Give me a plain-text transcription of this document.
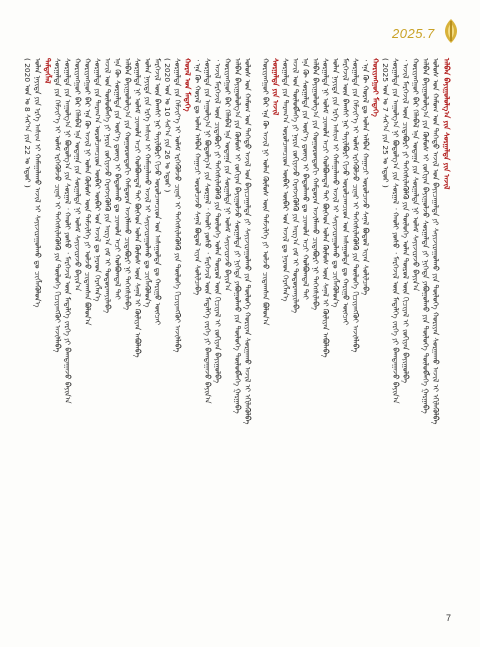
2025.7
ᠠᠯᠪᠠᠨ ᠪᠠᠶᠢᠭᠤᠯᠤᠯᠭ᠎ᠠ ᠶᠢᠨ ᠰᠤᠷᠭᠠᠯᠲᠠ ᠶᠢᠨ ᠠᠵᠢᠯ
ᠤᠯᠤᠰ ᠤᠨ ᠬᠠᠮᠤᠭ ᠤᠨ ᠳᠡᠭᠡᠳᠦ ᠠᠵᠢᠯ ᠤᠨ ᠪᠠᠶᠢᠴᠠᠭᠠᠯᠲᠠ ᠶᠢ ᠰᠠᠶᠢᠵᠢᠷᠠᠭᠤᠯᠬᠤ ᠶᠢᠨ ᠲᠥᠯᠥᠭᠡ ᠬᠣᠷᠢᠶᠠᠨ ᠰᠤᠷᠭᠠᠬᠤ ᠠᠵᠢᠯ ᠢ ᠡᠬᠢᠯᠡᠭᠦᠯᠪᠡ
ᠠᠯᠪᠠᠨ ᠪᠠᠶᠢᠭᠤᠯᠤᠯᠭ᠎ᠠ ᠶᠢᠨ ᠬᠦᠮᠦᠰ ᠢ ᠵᠣᠬᠢᠶᠠᠨ ᠪᠠᠶᠢᠭᠤᠯᠵᠤ ᠰᠤᠷᠭᠠᠯᠲᠠ ᠶᠢ ᠨᠢᠭᠡᠲᠡ ᠶᠠᠪᠤᠭᠤᠯᠬᠤ ᠶᠢᠨ ᠲᠥᠯᠥᠭᠡ ᠲᠥᠯᠥᠪᠯᠡᠭᠡ ᠭᠠᠷᠭᠠᠪᠠ
ᠬᠤᠷᠢᠶᠠᠩᠭᠤᠢ ᠪᠠᠷ ᠬᠡᠯᠡᠪᠡᠯ ᠡᠨᠡ ᠤᠳᠠᠭᠠ ᠶᠢᠨ ᠰᠤᠷᠭᠠᠯᠲᠠ ᠨᠢ ᠤᠯᠠᠮ ᠰᠠᠶᠢᠵᠢᠷᠠᠵᠤ ᠪᠠᠶᠢᠨ᠎ᠠ
᠂ ᠠᠵᠢᠯ ᠮᠡᠷᠭᠡᠵᠢᠯ ᠦᠨ ᠴᠢᠳᠠᠪᠤᠷᠢ ᠶᠢ ᠳᠡᠭᠡᠭᠰᠢᠯᠡᠭᠦᠯᠬᠦ ᠶᠢᠨ ᠲᠥᠯᠥᠭᠡ ᠣᠯᠠᠨ ᠲᠥᠷᠥᠯ ᠦᠨ ᠬᠢᠴᠢᠶᠡᠯ ᠢ ᠵᠣᠬᠢᠶᠠᠨ ᠪᠠᠶᠢᠭᠤᠯᠪᠠ
ᠰᠤᠷᠭᠠᠯᠲᠠ ᠶᠢᠨ ᠠᠭᠤᠯᠭ᠎ᠠ ᠨᠢ ᠪᠤᠳᠤᠯᠭ᠎ᠠ ᠶᠢᠨ ᠰᠤᠷᠭᠠᠯ ᠂ ᠬᠠᠤᠯᠢ ᠶᠣᠰᠤ ᠂ ᠮᠡᠷᠭᠡᠵᠢᠯ ᠦᠨ ᠮᠡᠳᠡᠯᠭᠡ ᠵᠡᠷᠭᠡ ᠶᠢ ᠪᠠᠭᠲᠠᠭᠠᠵᠤ ᠪᠠᠶᠢᠨ᠎ᠠ
( 2025 ᠣᠨ ᠤ 7 ᠰᠠᠷ᠎ᠠ ᠶᠢᠨ 25 ᠤ ᠡᠳᠦᠷ )
ᠬᠤᠷᠢᠶᠠᠩᠭᠤᠢ ᠮᠡᠳᠡᠭᠡ
᠂ ᠡᠨᠡ ᠬᠦ ᠬᠤᠷᠠᠯ ᠳᠤ ᠣᠯᠠᠨ ᠠᠯᠪᠠᠨ ᠬᠠᠭᠠᠴᠢ ᠣᠷᠣᠯᠴᠠᠵᠤ ᠰᠠᠨᠠᠯ ᠪᠣᠳᠣᠯ ᠢᠶᠠᠨ ᠰᠣᠯᠢᠯᠴᠠᠪᠠ
ᠰᠤᠷᠭᠠᠯᠲᠠ ᠶᠢᠨ ᠬᠡᠮᠵᠢᠶ᠎ᠡ ᠢ ᠤᠯᠠᠮ ᠡᠷᠭᠡᠭᠦᠯᠵᠦ ᠴᠢᠨᠠᠷ ᠢ ᠳᠡᠭᠡᠭᠰᠢᠯᠡᠭᠦᠯᠬᠦ ᠶᠢᠨ ᠲᠥᠯᠥᠭᠡ ᠬᠢᠴᠢᠶᠡᠩᠭᠦᠢ ᠠᠵᠢᠯᠯᠠᠪᠠ
ᠮᠡᠷᠭᠡᠵᠢᠯ ᠦᠨ ᠪᠠᠭᠰᠢ ᠨᠠᠷ ᠲᠠᠶᠢᠯᠪᠤᠷᠢ ᠬᠢᠵᠦ ᠣᠷᠣᠯᠴᠠᠭᠴᠢᠳ ᠤᠨ ᠠᠰᠠᠭᠤᠯᠲᠠ ᠳᠤ ᠬᠠᠷᠢᠭᠤ ᠥᠭᠴᠡᠢ
ᠣᠯᠠᠨ ᠨᠡᠶᠢᠲᠡ ᠶᠢᠨ ᠡᠷᠬᠡ ᠠᠰᠢᠭ ᠢ ᠬᠠᠮᠠᠭᠠᠯᠠᠬᠤ ᠠᠵᠢᠯ ᠢ ᠰᠠᠶᠢᠵᠢᠷᠠᠭᠤᠯᠬᠤ ᠳᠤ ᠴᠢᠭᠯᠡᠭᠦᠯᠦᠨ᠎ᠡ
ᠰᠤᠷᠭᠠᠯᠲᠠ ᠨᠢ ᠤᠯᠠᠮ ᠴᠢᠬᠤᠯᠠ ᠠᠴᠢ ᠬᠣᠯᠪᠣᠭᠳᠠᠯ ᠲᠠᠶ ᠪᠥᠭᠡᠳ ᠣᠯᠠᠨ ᠬᠦᠮᠦᠰ ᠦᠨ ᠰᠠᠨᠠᠯ ᠢ ᠬᠦᠯᠢᠶᠡᠨ ᠠᠪᠤᠯᠠᠪᠠ
ᠠᠯᠪᠠᠨ ᠪᠠᠶᠢᠭᠤᠯᠤᠯᠭ᠎ᠠ ᠶᠢᠨ ᠬᠣᠭᠣᠷᠣᠨᠳᠣᠬᠢ ᠬᠠᠮᠲᠤᠷᠠᠨ ᠠᠵᠢᠯᠯᠠᠬᠤ ᠴᠢᠳᠠᠪᠤᠷᠢ ᠨᠢ ᠳᠡᠭᠡᠭᠰᠢᠯᠡᠪᠡ
ᠡᠨᠡ ᠬᠦ ᠰᠤᠷᠭᠠᠯᠲᠠ ᠶᠢᠨ ᠦᠷ᠎ᠡ ᠳ᠋ᠦᠩ ᠢ ᠪᠠᠳᠤᠯᠠᠬᠤ ᠳᠤ ᠴᠢᠬᠤᠯᠠ ᠠᠴᠢ ᠬᠣᠯᠪᠣᠭᠳᠠᠯ ᠲᠠᠶ
ᠠᠵᠢᠯ ᠤᠨ ᠲᠥᠯᠥᠪᠯᠡᠭᠡ ᠶᠢ ᠨᠠᠷᠢᠨ ᠵᠣᠬᠢᠶᠠᠵᠤ ᠬᠡᠷᠡᠭᠵᠢᠭᠦᠯᠬᠦ ᠶᠢᠨ ᠠᠷᠭ᠎ᠠ ᠵᠠᠮ ᠢ ᠲᠣᠳᠣᠷᠬᠠᠶᠢᠯᠠᠪᠠ
ᠰᠤᠷᠭᠠᠯᠲᠠ ᠶᠢᠨ ᠳᠠᠷᠠᠭ᠎ᠠ ᠣᠷᠣᠯᠴᠠᠭᠴᠢᠳ ᠥᠪᠡᠷ ᠥᠪᠡᠷ ᠤᠨ ᠠᠵᠢᠯ ᠳᠤ ᠨᠡᠷᠡᠳ ᠬᠡᠷᠡᠭᠯᠡᠨ᠎ᠡ
ᠰᠤᠷᠭᠠᠯᠲᠠ ᠶᠢᠨ ᠠᠵᠢᠯ
ᠬᠤᠷᠢᠶᠠᠩᠭᠤᠢ ᠪᠠᠷ ᠡᠨᠡ ᠬᠦ ᠠᠵᠢᠯ ᠨᠢ ᠣᠯᠠᠨ ᠬᠦᠮᠦᠰ ᠦᠨ ᠳᠡᠮᠵᠢᠯᠭᠡ ᠶᠢ ᠣᠯᠵᠤ ᠴᠢᠳᠠᠭᠰᠠᠨ ᠪᠣᠯᠤᠨ᠎ᠠ
ᠤᠯᠤᠰ ᠤᠨ ᠬᠠᠮᠤᠭ ᠤᠨ ᠳᠡᠭᠡᠳᠦ ᠠᠵᠢᠯ ᠤᠨ ᠪᠠᠶᠢᠴᠠᠭᠠᠯᠲᠠ ᠶᠢ ᠰᠠᠶᠢᠵᠢᠷᠠᠭᠤᠯᠬᠤ ᠶᠢᠨ ᠲᠥᠯᠥᠭᠡ ᠬᠣᠷᠢᠶᠠᠨ ᠰᠤᠷᠭᠠᠬᠤ ᠠᠵᠢᠯ ᠢ ᠡᠬᠢᠯᠡᠭᠦᠯᠪᠡ
ᠠᠯᠪᠠᠨ ᠪᠠᠶᠢᠭᠤᠯᠤᠯᠭ᠎ᠠ ᠶᠢᠨ ᠬᠦᠮᠦᠰ ᠢ ᠵᠣᠬᠢᠶᠠᠨ ᠪᠠᠶᠢᠭᠤᠯᠵᠤ ᠰᠤᠷᠭᠠᠯᠲᠠ ᠶᠢ ᠨᠢᠭᠡᠲᠡ ᠶᠠᠪᠤᠭᠤᠯᠬᠤ ᠶᠢᠨ ᠲᠥᠯᠥᠭᠡ ᠲᠥᠯᠥᠪᠯᠡᠭᠡ ᠭᠠᠷᠭᠠᠪᠠ
ᠬᠤᠷᠢᠶᠠᠩᠭᠤᠢ ᠪᠠᠷ ᠬᠡᠯᠡᠪᠡᠯ ᠡᠨᠡ ᠤᠳᠠᠭᠠ ᠶᠢᠨ ᠰᠤᠷᠭᠠᠯᠲᠠ ᠨᠢ ᠤᠯᠠᠮ ᠰᠠᠶᠢᠵᠢᠷᠠᠵᠤ ᠪᠠᠶᠢᠨ᠎ᠠ
᠂ ᠠᠵᠢᠯ ᠮᠡᠷᠭᠡᠵᠢᠯ ᠦᠨ ᠴᠢᠳᠠᠪᠤᠷᠢ ᠶᠢ ᠳᠡᠭᠡᠭᠰᠢᠯᠡᠭᠦᠯᠬᠦ ᠶᠢᠨ ᠲᠥᠯᠥᠭᠡ ᠣᠯᠠᠨ ᠲᠥᠷᠥᠯ ᠦᠨ ᠬᠢᠴᠢᠶᠡᠯ ᠢ ᠵᠣᠬᠢᠶᠠᠨ ᠪᠠᠶᠢᠭᠤᠯᠪᠠ
ᠰᠤᠷᠭᠠᠯᠲᠠ ᠶᠢᠨ ᠠᠭᠤᠯᠭ᠎ᠠ ᠨᠢ ᠪᠤᠳᠤᠯᠭ᠎ᠠ ᠶᠢᠨ ᠰᠤᠷᠭᠠᠯ ᠂ ᠬᠠᠤᠯᠢ ᠶᠣᠰᠤ ᠂ ᠮᠡᠷᠭᠡᠵᠢᠯ ᠦᠨ ᠮᠡᠳᠡᠯᠭᠡ ᠵᠡᠷᠭᠡ ᠶᠢ ᠪᠠᠭᠲᠠᠭᠠᠵᠤ ᠪᠠᠶᠢᠨ᠎ᠠ
᠂ ᠡᠨᠡ ᠬᠦ ᠬᠤᠷᠠᠯ ᠳᠤ ᠣᠯᠠᠨ ᠠᠯᠪᠠᠨ ᠬᠠᠭᠠᠴᠢ ᠣᠷᠣᠯᠴᠠᠵᠤ ᠰᠠᠨᠠᠯ ᠪᠣᠳᠣᠯ ᠢᠶᠠᠨ ᠰᠣᠯᠢᠯᠴᠠᠪᠠ
ᠬᠤᠷᠠᠯ ᠤᠨ ᠮᠡᠳᠡᠭᠡ
ᠰᠤᠷᠭᠠᠯᠲᠠ ᠶᠢᠨ ᠬᠡᠮᠵᠢᠶ᠎ᠡ ᠢ ᠤᠯᠠᠮ ᠡᠷᠭᠡᠭᠦᠯᠵᠦ ᠴᠢᠨᠠᠷ ᠢ ᠳᠡᠭᠡᠭᠰᠢᠯᠡᠭᠦᠯᠬᠦ ᠶᠢᠨ ᠲᠥᠯᠥᠭᠡ ᠬᠢᠴᠢᠶᠡᠩᠭᠦᠢ ᠠᠵᠢᠯᠯᠠᠪᠠ
( 2020 ᠣᠨ ᠤ 10 ᠰᠠᠷ᠎ᠠ ᠶᠢᠨ 26 ᠤ ᠡᠳᠦᠷ )
ᠮᠡᠷᠭᠡᠵᠢᠯ ᠦᠨ ᠪᠠᠭᠰᠢ ᠨᠠᠷ ᠲᠠᠶᠢᠯᠪᠤᠷᠢ ᠬᠢᠵᠦ ᠣᠷᠣᠯᠴᠠᠭᠴᠢᠳ ᠤᠨ ᠠᠰᠠᠭᠤᠯᠲᠠ ᠳᠤ ᠬᠠᠷᠢᠭᠤ ᠥᠭᠴᠡᠢ
ᠣᠯᠠᠨ ᠨᠡᠶᠢᠲᠡ ᠶᠢᠨ ᠡᠷᠬᠡ ᠠᠰᠢᠭ ᠢ ᠬᠠᠮᠠᠭᠠᠯᠠᠬᠤ ᠠᠵᠢᠯ ᠢ ᠰᠠᠶᠢᠵᠢᠷᠠᠭᠤᠯᠬᠤ ᠳᠤ ᠴᠢᠭᠯᠡᠭᠦᠯᠦᠨ᠎ᠡ
ᠰᠤᠷᠭᠠᠯᠲᠠ ᠨᠢ ᠤᠯᠠᠮ ᠴᠢᠬᠤᠯᠠ ᠠᠴᠢ ᠬᠣᠯᠪᠣᠭᠳᠠᠯ ᠲᠠᠶ ᠪᠥᠭᠡᠳ ᠣᠯᠠᠨ ᠬᠦᠮᠦᠰ ᠦᠨ ᠰᠠᠨᠠᠯ ᠢ ᠬᠦᠯᠢᠶᠡᠨ ᠠᠪᠤᠯᠠᠪᠠ
ᠠᠯᠪᠠᠨ ᠪᠠᠶᠢᠭᠤᠯᠤᠯᠭ᠎ᠠ ᠶᠢᠨ ᠬᠣᠭᠣᠷᠣᠨᠳᠣᠬᠢ ᠬᠠᠮᠲᠤᠷᠠᠨ ᠠᠵᠢᠯᠯᠠᠬᠤ ᠴᠢᠳᠠᠪᠤᠷᠢ ᠨᠢ ᠳᠡᠭᠡᠭᠰᠢᠯᠡᠪᠡ
ᠡᠨᠡ ᠬᠦ ᠰᠤᠷᠭᠠᠯᠲᠠ ᠶᠢᠨ ᠦᠷ᠎ᠡ ᠳ᠋ᠦᠩ ᠢ ᠪᠠᠳᠤᠯᠠᠬᠤ ᠳᠤ ᠴᠢᠬᠤᠯᠠ ᠠᠴᠢ ᠬᠣᠯᠪᠣᠭᠳᠠᠯ ᠲᠠᠶ
ᠠᠵᠢᠯ ᠤᠨ ᠲᠥᠯᠥᠪᠯᠡᠭᠡ ᠶᠢ ᠨᠠᠷᠢᠨ ᠵᠣᠬᠢᠶᠠᠵᠤ ᠬᠡᠷᠡᠭᠵᠢᠭᠦᠯᠬᠦ ᠶᠢᠨ ᠠᠷᠭ᠎ᠠ ᠵᠠᠮ ᠢ ᠲᠣᠳᠣᠷᠬᠠᠶᠢᠯᠠᠪᠠ
ᠰᠤᠷᠭᠠᠯᠲᠠ ᠶᠢᠨ ᠳᠠᠷᠠᠭ᠎ᠠ ᠣᠷᠣᠯᠴᠠᠭᠴᠢᠳ ᠥᠪᠡᠷ ᠥᠪᠡᠷ ᠤᠨ ᠠᠵᠢᠯ ᠳᠤ ᠨᠡᠷᠡᠳ ᠬᠡᠷᠡᠭᠯᠡᠨ᠎ᠡ
ᠬᠤᠷᠢᠶᠠᠩᠭᠤᠢ ᠪᠠᠷ ᠡᠨᠡ ᠬᠦ ᠠᠵᠢᠯ ᠨᠢ ᠣᠯᠠᠨ ᠬᠦᠮᠦᠰ ᠦᠨ ᠳᠡᠮᠵᠢᠯᠭᠡ ᠶᠢ ᠣᠯᠵᠤ ᠴᠢᠳᠠᠭᠰᠠᠨ ᠪᠣᠯᠤᠨ᠎ᠠ
ᠬᠤᠷᠢᠶᠠᠩᠭᠤᠢ ᠪᠠᠷ ᠬᠡᠯᠡᠪᠡᠯ ᠡᠨᠡ ᠤᠳᠠᠭᠠ ᠶᠢᠨ ᠰᠤᠷᠭᠠᠯᠲᠠ ᠨᠢ ᠤᠯᠠᠮ ᠰᠠᠶᠢᠵᠢᠷᠠᠵᠤ ᠪᠠᠶᠢᠨ᠎ᠠ
ᠰᠤᠷᠭᠠᠯᠲᠠ ᠶᠢᠨ ᠠᠭᠤᠯᠭ᠎ᠠ ᠨᠢ ᠪᠤᠳᠤᠯᠭ᠎ᠠ ᠶᠢᠨ ᠰᠤᠷᠭᠠᠯ ᠂ ᠬᠠᠤᠯᠢ ᠶᠣᠰᠤ ᠂ ᠮᠡᠷᠭᠡᠵᠢᠯ ᠦᠨ ᠮᠡᠳᠡᠯᠭᠡ ᠵᠡᠷᠭᠡ ᠶᠢ ᠪᠠᠭᠲᠠᠭᠠᠵᠤ ᠪᠠᠶᠢᠨ᠎ᠠ
ᠰᠤᠷᠭᠠᠯᠲᠠ ᠶᠢᠨ ᠬᠡᠮᠵᠢᠶ᠎ᠡ ᠢ ᠤᠯᠠᠮ ᠡᠷᠭᠡᠭᠦᠯᠵᠦ ᠴᠢᠨᠠᠷ ᠢ ᠳᠡᠭᠡᠭᠰᠢᠯᠡᠭᠦᠯᠬᠦ ᠶᠢᠨ ᠲᠥᠯᠥᠭᠡ ᠬᠢᠴᠢᠶᠡᠩᠭᠦᠢ ᠠᠵᠢᠯᠯᠠᠪᠠ
ᠲᠡᠮᠳᠡᠭᠯᠡᠯ
ᠣᠯᠠᠨ ᠨᠡᠶᠢᠲᠡ ᠶᠢᠨ ᠡᠷᠬᠡ ᠠᠰᠢᠭ ᠢ ᠬᠠᠮᠠᠭᠠᠯᠠᠬᠤ ᠠᠵᠢᠯ ᠢ ᠰᠠᠶᠢᠵᠢᠷᠠᠭᠤᠯᠬᠤ ᠳᠤ ᠴᠢᠭᠯᠡᠭᠦᠯᠦᠨ᠎ᠡ
( 2020 ᠣᠨ ᠤ 8 ᠰᠠᠷ᠎ᠠ ᠶᠢᠨ 22 ᠤ ᠡᠳᠦᠷ )
7
